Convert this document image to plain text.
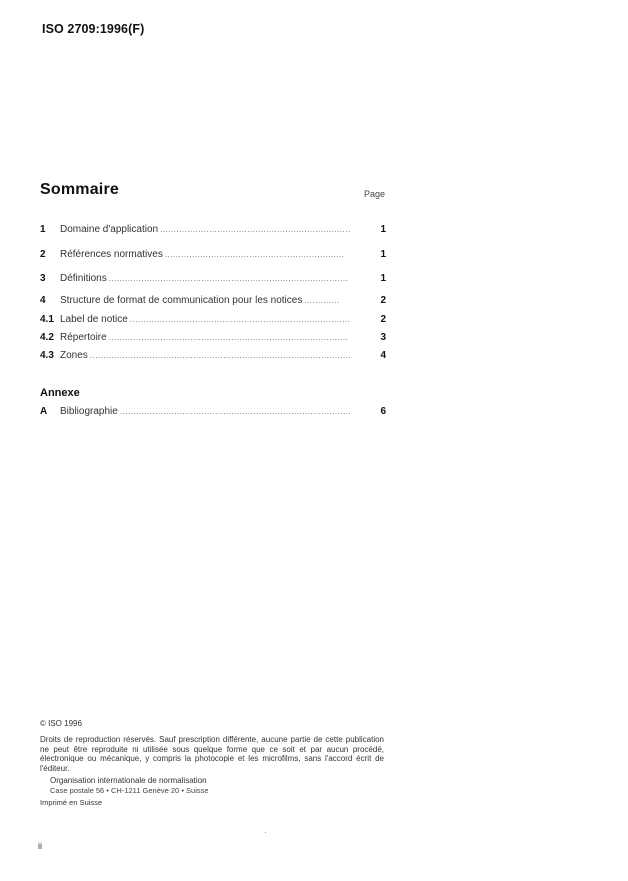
ISO 2709:1996(F)
Sommaire	Page
1	Domaine d'application .....	1
2	Références normatives .....	1
3	Définitions .....	1
4	Structure de format de communication pour les notices .....	2
4.1 Label de notice .....	2
4.2 Répertoire .....	3
4.3 Zones .....	4
Annexe
A	Bibliographie .....	6
© ISO 1996
Droits de reproduction réservés. Sauf prescription différente, aucune partie de cette publication ne peut être reproduite ni utilisée sous quelque forme que ce soit et par aucun procédé, électronique ou mécanique, y compris la photocopie et les microfilms, sans l'accord écrit de l'éditeur.
Organisation internationale de normalisation
Case postale 56 • CH-1211 Genève 20 • Suisse
Imprimé en Suisse
ii
